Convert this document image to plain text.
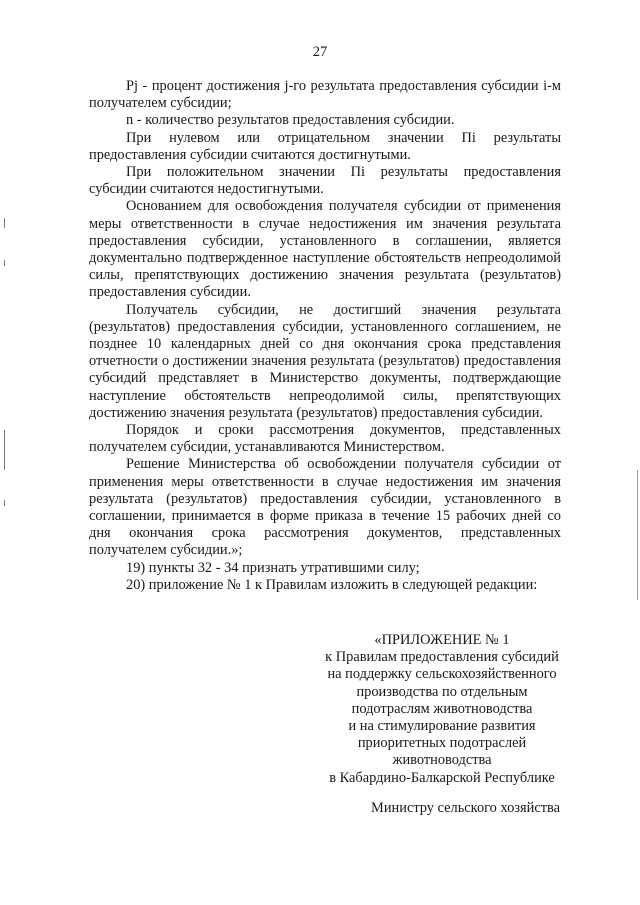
27

Pj - процент достижения j-го результата предоставления субсидии i-м получателем субсидии;

n - количество результатов предоставления субсидии.

При нулевом или отрицательном значении Пi результаты предоставления субсидии считаются достигнутыми.

При положительном значении Пi результаты предоставления субсидии считаются недостигнутыми.

Основанием для освобождения получателя субсидии от применения меры ответственности в случае недостижения им значения результата предоставления субсидии, установленного в соглашении, является документально подтвержденное наступление обстоятельств непреодолимой силы, препятствующих достижению значения результата (результатов) предоставления субсидии.

Получатель субсидии, не достигший значения результата (результатов) предоставления субсидии, установленного соглашением, не позднее 10 календарных дней со дня окончания срока представления отчетности о достижении значения результата (результатов) предоставления субсидий представляет в Министерство документы, подтверждающие наступление обстоятельств непреодолимой силы, препятствующих достижению значения результата (результатов) предоставления субсидии.

Порядок и сроки рассмотрения документов, представленных получателем субсидии, устанавливаются Министерством.

Решение Министерства об освобождении получателя субсидии от применения меры ответственности в случае недостижения им значения результата (результатов) предоставления субсидии, установленного в соглашении, принимается в форме приказа в течение 15 рабочих дней со дня окончания срока рассмотрения документов, представленных получателем субсидии.»;

19) пункты 32 - 34 признать утратившими силу;

20) приложение № 1 к Правилам изложить в следующей редакции:

«ПРИЛОЖЕНИЕ № 1
к Правилам предоставления субсидий
на поддержку сельскохозяйственного
производства по отдельным
подотраслям животноводства
и на стимулирование развития
приоритетных подотраслей
животноводства
в Кабардино-Балкарской Республике
Министру сельского хозяйства
